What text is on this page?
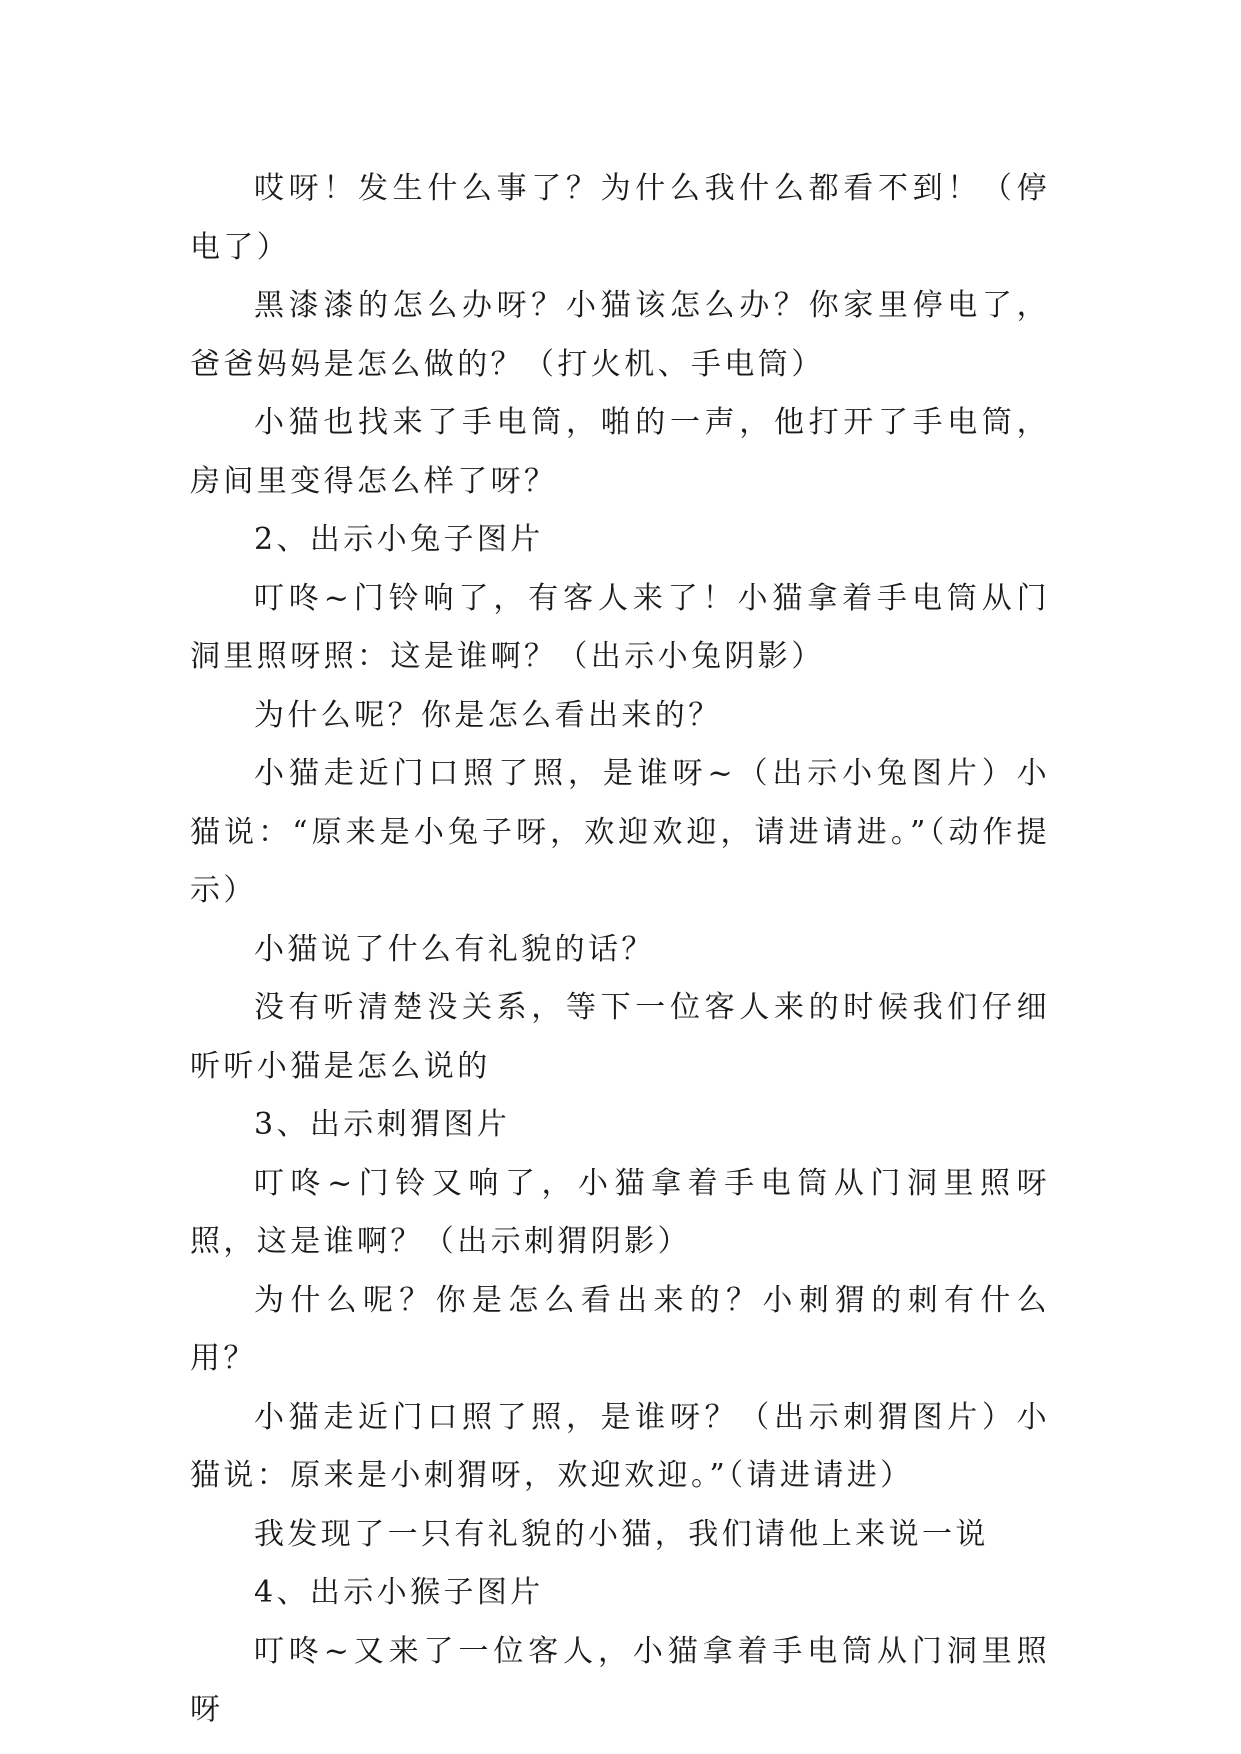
哎呀！发生什么事了？为什么我什么都看不到！（停电了）

黑漆漆的怎么办呀？小猫该怎么办？你家里停电了，爸爸妈妈是怎么做的？（打火机、手电筒）

小猫也找来了手电筒，啪的一声，他打开了手电筒，房间里变得怎么样了呀？

2、出示小兔子图片

叮咚~门铃响了，有客人来了！小猫拿着手电筒从门洞里照呀照：这是谁啊？（出示小兔阴影）

为什么呢？你是怎么看出来的？

小猫走近门口照了照，是谁呀~（出示小兔图片）小猫说：“原来是小兔子呀，欢迎欢迎，请进请进。”（动作提示）

小猫说了什么有礼貌的话？

没有听清楚没关系，等下一位客人来的时候我们仔细听听小猫是怎么说的

3、出示刺猬图片

叮咚~门铃又响了，小猫拿着手电筒从门洞里照呀照，这是谁啊？（出示刺猬阴影）

为什么呢？你是怎么看出来的？小刺猬的刺有什么用？

小猫走近门口照了照，是谁呀？（出示刺猬图片）小猫说：原来是小刺猬呀，欢迎欢迎。”（请进请进）

我发现了一只有礼貌的小猫，我们请他上来说一说

4、出示小猴子图片

叮咚~又来了一位客人，小猫拿着手电筒从门洞里照呀
